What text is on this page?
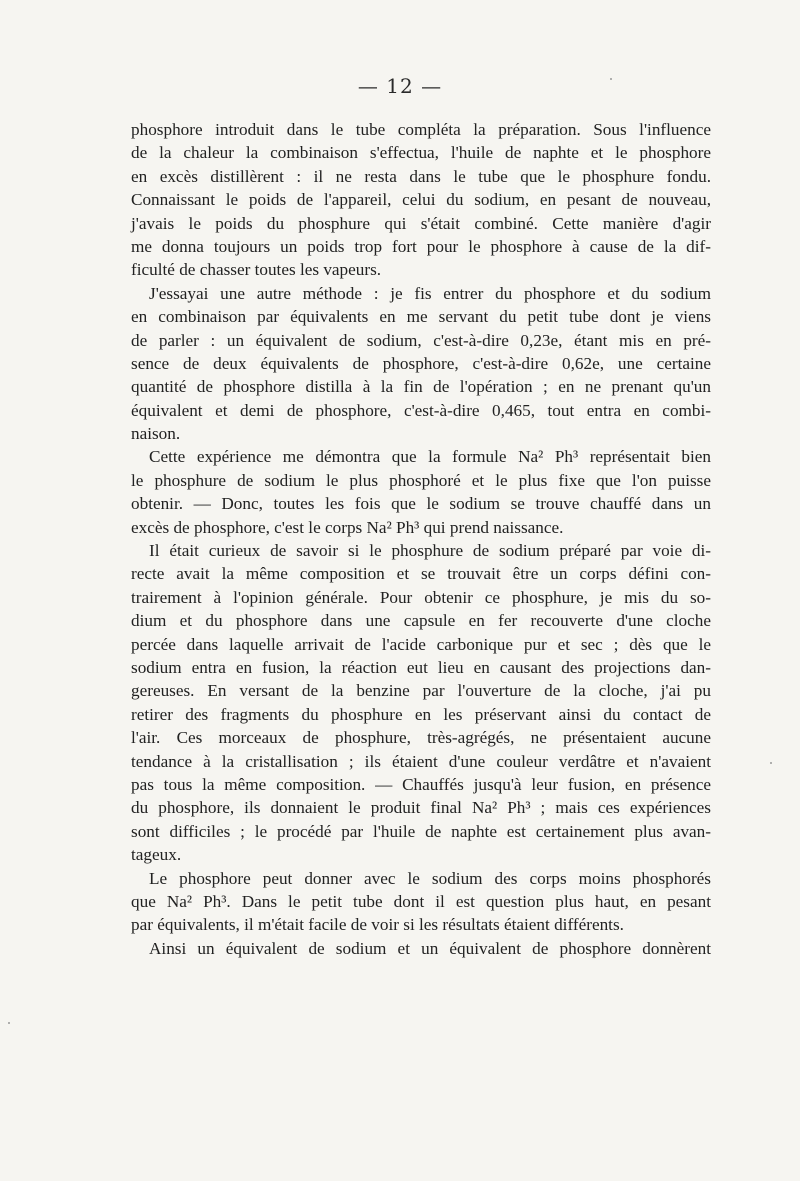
— 12 —
phosphore introduit dans le tube compléta la préparation. Sous l'influence
de la chaleur la combinaison s'effectua, l'huile de naphte et le phosphore
en excès distillèrent : il ne resta dans le tube que le phosphure fondu.
Connaissant le poids de l'appareil, celui du sodium, en pesant de nouveau,
j'avais le poids du phosphure qui s'était combiné. Cette manière d'agir
me donna toujours un poids trop fort pour le phosphore à cause de la dif-
ficulté de chasser toutes les vapeurs.
J'essayai une autre méthode : je fis entrer du phosphore et du sodium
en combinaison par équivalents en me servant du petit tube dont je viens
de parler : un équivalent de sodium, c'est-à-dire 0,23e, étant mis en pré-
sence de deux équivalents de phosphore, c'est-à-dire 0,62e, une certaine
quantité de phosphore distilla à la fin de l'opération ; en ne prenant qu'un
équivalent et demi de phosphore, c'est-à-dire 0,465, tout entra en combi-
naison.
Cette expérience me démontra que la formule Na² Ph³ représentait bien
le phosphure de sodium le plus phosphoré et le plus fixe que l'on puisse
obtenir. — Donc, toutes les fois que le sodium se trouve chauffé dans un
excès de phosphore, c'est le corps Na² Ph³ qui prend naissance.
Il était curieux de savoir si le phosphure de sodium préparé par voie di-
recte avait la même composition et se trouvait être un corps défini con-
trairement à l'opinion générale. Pour obtenir ce phosphure, je mis du so-
dium et du phosphore dans une capsule en fer recouverte d'une cloche
percée dans laquelle arrivait de l'acide carbonique pur et sec ; dès que le
sodium entra en fusion, la réaction eut lieu en causant des projections dan-
gereuses. En versant de la benzine par l'ouverture de la cloche, j'ai pu
retirer des fragments du phosphure en les préservant ainsi du contact de
l'air. Ces morceaux de phosphure, très-agrégés, ne présentaient aucune
tendance à la cristallisation ; ils étaient d'une couleur verdâtre et n'avaient
pas tous la même composition. — Chauffés jusqu'à leur fusion, en présence
du phosphore, ils donnaient le produit final Na² Ph³ ; mais ces expériences
sont difficiles ; le procédé par l'huile de naphte est certainement plus avan-
tageux.
Le phosphore peut donner avec le sodium des corps moins phosphorés
que Na² Ph³. Dans le petit tube dont il est question plus haut, en pesant
par équivalents, il m'était facile de voir si les résultats étaient différents.
Ainsi un équivalent de sodium et un équivalent de phosphore donnèrent
